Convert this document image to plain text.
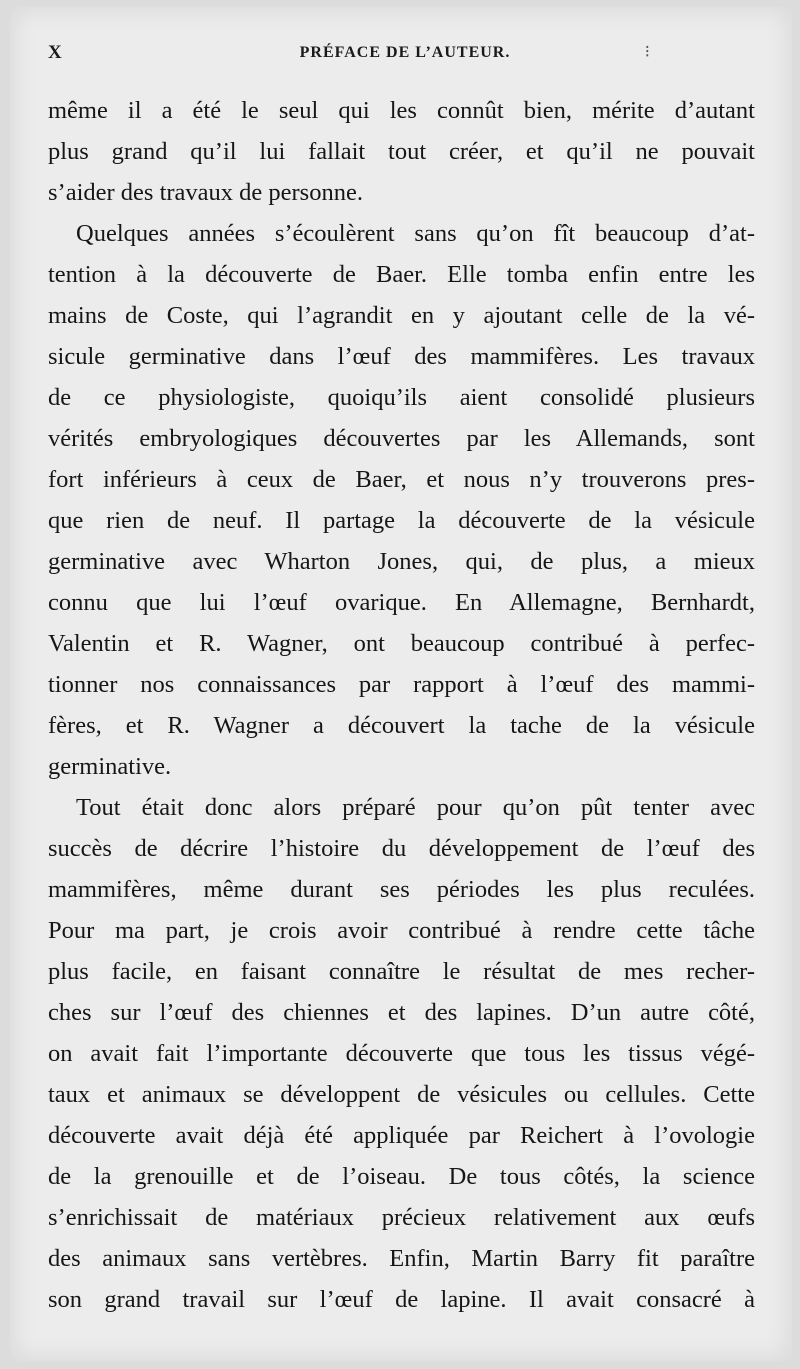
X	PRÉFACE DE L’AUTEUR.	⁝
même il a été le seul qui les connût bien, mérite d’autant
plus grand qu’il lui fallait tout créer, et qu’il ne pouvait
s’aider des travaux de personne.
Quelques années s’écoulèrent sans qu’on fît beaucoup d’at-
tention à la découverte de Baer. Elle tomba enfin entre les
mains de Coste, qui l’agrandit en y ajoutant celle de la vé-
sicule germinative dans l’œuf des mammifères. Les travaux
de ce physiologiste, quoiqu’ils aient consolidé plusieurs
vérités embryologiques découvertes par les Allemands, sont
fort inférieurs à ceux de Baer, et nous n’y trouverons pres-
que rien de neuf. Il partage la découverte de la vésicule
germinative avec Wharton Jones, qui, de plus, a mieux
connu que lui l’œuf ovarique. En Allemagne, Bernhardt,
Valentin et R. Wagner, ont beaucoup contribué à perfec-
tionner nos connaissances par rapport à l’œuf des mammi-
fères, et R. Wagner a découvert la tache de la vésicule
germinative.
Tout était donc alors préparé pour qu’on pût tenter avec
succès de décrire l’histoire du développement de l’œuf des
mammifères, même durant ses périodes les plus reculées.
Pour ma part, je crois avoir contribué à rendre cette tâche
plus facile, en faisant connaître le résultat de mes recher-
ches sur l’œuf des chiennes et des lapines. D’un autre côté,
on avait fait l’importante découverte que tous les tissus végé-
taux et animaux se développent de vésicules ou cellules. Cette
découverte avait déjà été appliquée par Reichert à l’ovologie
de la grenouille et de l’oiseau. De tous côtés, la science
s’enrichissait de matériaux précieux relativement aux œufs
des animaux sans vertèbres. Enfin, Martin Barry fit paraître
son grand travail sur l’œuf de lapine. Il avait consacré à
